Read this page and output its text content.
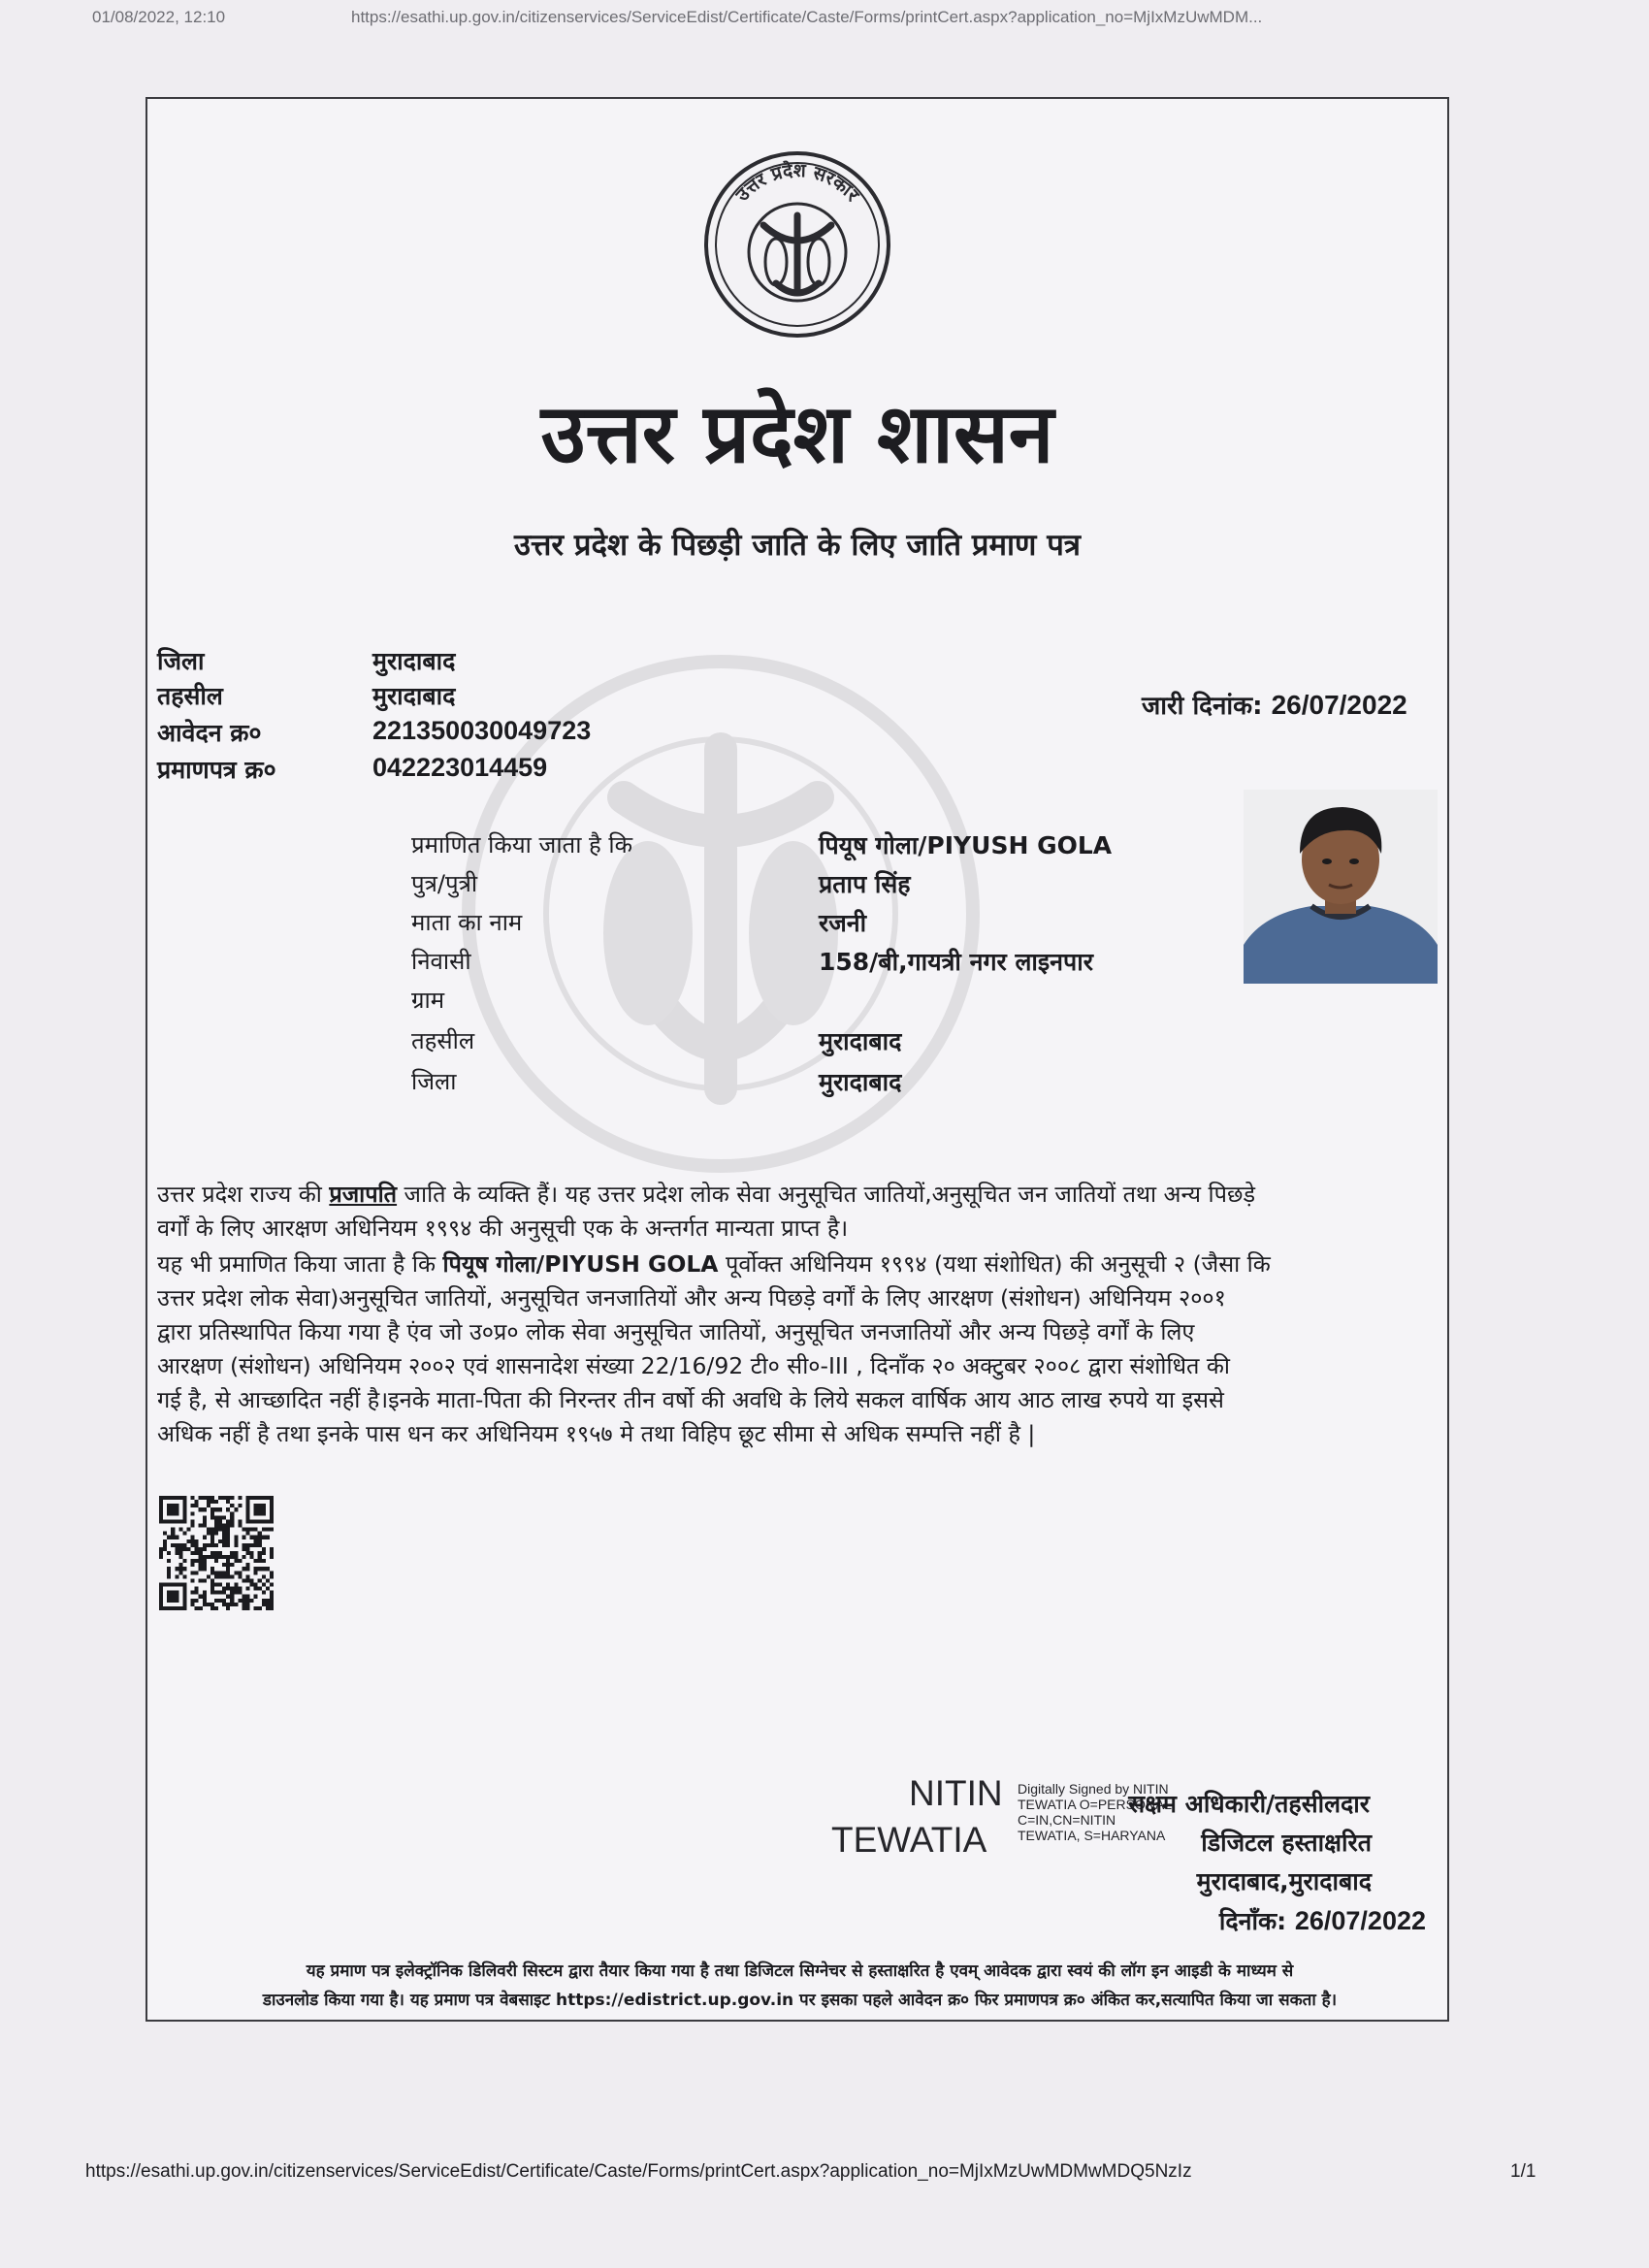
01/08/2022, 12:10	https://esathi.up.gov.in/citizenservices/ServiceEdist/Certificate/Caste/Forms/printCert.aspx?application_no=MjIxMzUwMDM...
उत्तर प्रदेश सरकार
उत्तर प्रदेश शासन
उत्तर प्रदेश के पिछड़ी जाति के लिए जाति प्रमाण पत्र
जिला	मुरादाबाद
तहसील	मुरादाबाद
आवेदन क्र०	221350030049723
प्रमाणपत्र क्र०	042223014459
जारी दिनांक: 26/07/2022
प्रमाणित किया जाता है कि	पियूष गोला/PIYUSH GOLA
पुत्र/पुत्री	प्रताप सिंह
माता का नाम	रजनी
निवासी	158/बी,गायत्री नगर लाइनपार
ग्राम
तहसील	मुरादाबाद
जिला	मुरादाबाद
उत्तर प्रदेश राज्य की प्रजापति जाति के व्यक्ति हैं। यह उत्तर प्रदेश लोक सेवा अनुसूचित जातियों,अनुसूचित जन जातियों तथा अन्य पिछड़े
वर्गों के लिए आरक्षण अधिनियम १९९४ की अनुसूची एक के अन्तर्गत मान्यता प्राप्त है।
यह भी प्रमाणित किया जाता है कि पियूष गोला/PIYUSH GOLA पूर्वोक्त अधिनियम १९९४ (यथा संशोधित) की अनुसूची २ (जैसा कि
उत्तर प्रदेश लोक सेवा)अनुसूचित जातियों, अनुसूचित जनजातियों और अन्य पिछड़े वर्गों के लिए आरक्षण (संशोधन) अधिनियम २००१
द्वारा प्रतिस्थापित किया गया है एंव जो उ०प्र० लोक सेवा अनुसूचित जातियों, अनुसूचित जनजातियों और अन्य पिछड़े वर्गों के लिए
आरक्षण (संशोधन) अधिनियम २००२ एवं शासनादेश संख्या 22/16/92 टी० सी०-III , दिनाँक २० अक्टुबर २००८ द्वारा संशोधित की
गई है, से आच्छादित नहीं है।इनके माता-पिता की निरन्तर तीन वर्षो की अवधि के लिये सकल वार्षिक आय आठ लाख रुपये या इससे
अधिक नहीं है तथा इनके पास धन कर अधिनियम १९५७ मे तथा विहिप छूट सीमा से अधिक सम्पत्ति नहीं है |
NITIN
TEWATIA
Digitally Signed by NITIN
TEWATIA O=PERSONAL,
C=IN,CN=NITIN
TEWATIA, S=HARYANA
सक्षम अधिकारी/तहसीलदार
डिजिटल हस्ताक्षरित
मुरादाबाद,मुरादाबाद
दिनाँक: 26/07/2022
यह प्रमाण पत्र इलेक्ट्रॉनिक डिलिवरी सिस्टम द्वारा तैयार किया गया है तथा डिजिटल सिग्नेचर से हस्ताक्षरित है एवम् आवेदक द्वारा स्वयं की लॉग इन आइडी के माध्यम से
डाउनलोड किया गया है। यह प्रमाण पत्र वेबसाइट https://edistrict.up.gov.in पर इसका पहले आवेदन क्र० फिर प्रमाणपत्र क्र० अंकित कर,सत्यापित किया जा सकता है।
https://esathi.up.gov.in/citizenservices/ServiceEdist/Certificate/Caste/Forms/printCert.aspx?application_no=MjIxMzUwMDMwMDQ5NzIz	1/1
